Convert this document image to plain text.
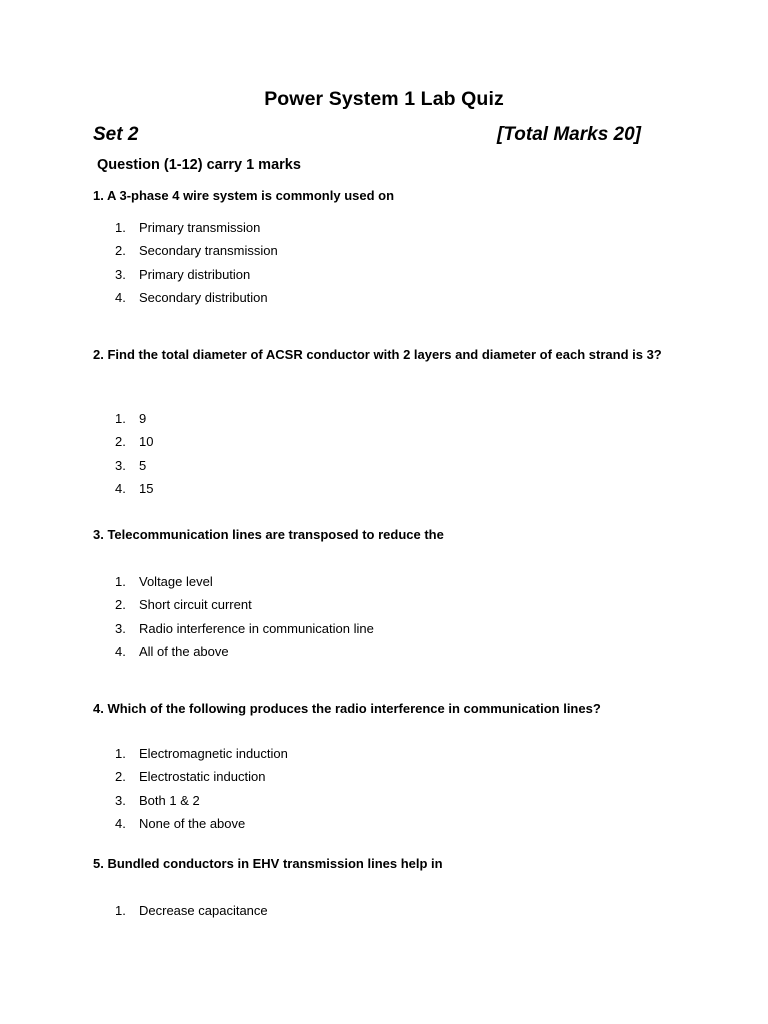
Power System 1 Lab Quiz
Set 2	[Total Marks 20]
Question (1-12) carry 1 marks
1. A 3-phase 4 wire system is commonly used on
1. Primary transmission
2. Secondary transmission
3. Primary distribution
4. Secondary distribution
2. Find the total diameter of ACSR conductor with 2 layers and diameter of each strand is 3?
1. 9
2. 10
3. 5
4. 15
3. Telecommunication lines are transposed to reduce the
1. Voltage level
2. Short circuit current
3. Radio interference in communication line
4. All of the above
4. Which of the following produces the radio interference in communication lines?
1. Electromagnetic induction
2. Electrostatic induction
3. Both 1 & 2
4. None of the above
5. Bundled conductors in EHV transmission lines help in
1. Decrease capacitance
